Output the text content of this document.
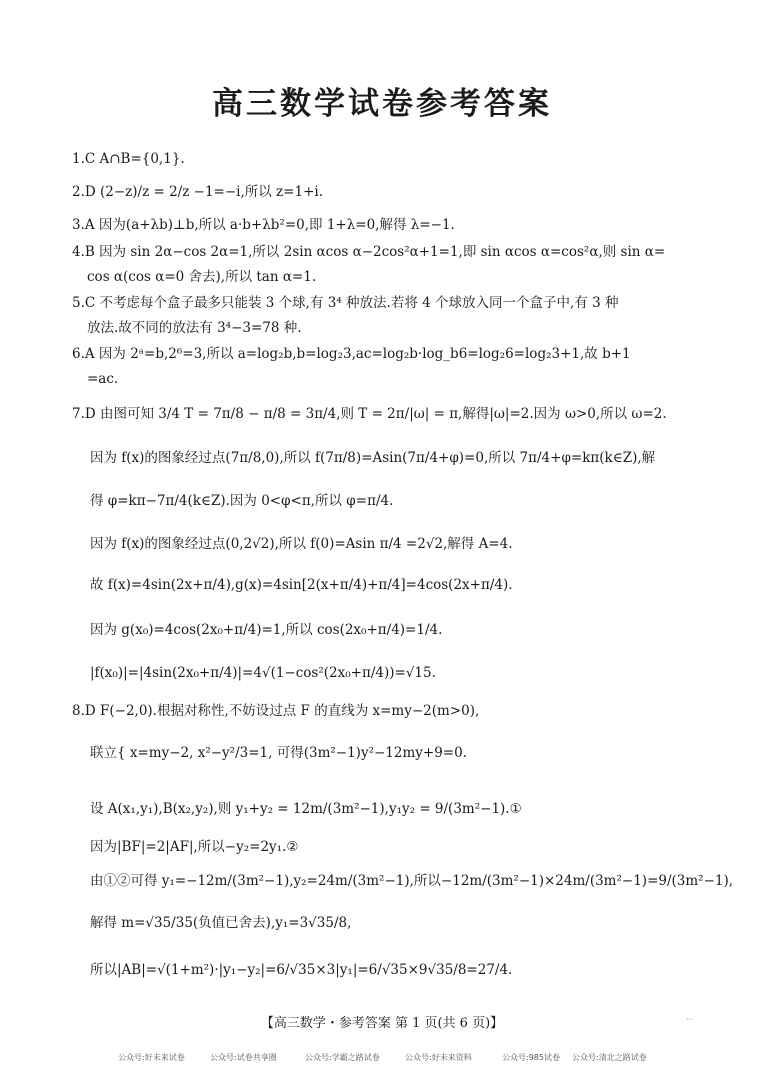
高三数学试卷参考答案
1.C A∩B={0,1}.
2.D (2−z)/z = 2/z −1=−i,所以 z=1+i.
3.A 因为(a+λb)⊥b,所以 a·b+λb²=0,即 1+λ=0,解得 λ=−1.
4.B 因为 sin 2α−cos 2α=1,所以 2sin αcos α−2cos²α+1=1,即 sin αcos α=cos²α,则 sin α=
cos α(cos α=0 舍去),所以 tan α=1.
5.C 不考虑每个盒子最多只能装 3 个球,有 3⁴ 种放法.若将 4 个球放入同一个盒子中,有 3 种
放法.故不同的放法有 3⁴−3=78 种.
6.A 因为 2ᵃ=b,2⁶=3,所以 a=log₂b,b=log₂3,ac=log₂b·log_b6=log₂6=log₂3+1,故 b+1
=ac.
7.D 由图可知 3/4 T = 7π/8 − π/8 = 3π/4,则 T = 2π/|ω| = π,解得|ω|=2.因为 ω>0,所以 ω=2.
因为 f(x)的图象经过点(7π/8,0),所以 f(7π/8)=Asin(7π/4+φ)=0,所以 7π/4+φ=kπ(k∈Z),解
得 φ=kπ−7π/4(k∈Z).因为 0<φ<π,所以 φ=π/4.
因为 f(x)的图象经过点(0,2√2),所以 f(0)=Asin π/4 =2√2,解得 A=4.
故 f(x)=4sin(2x+π/4),g(x)=4sin[2(x+π/4)+π/4]=4cos(2x+π/4).
因为 g(x₀)=4cos(2x₀+π/4)=1,所以 cos(2x₀+π/4)=1/4.
|f(x₀)|=|4sin(2x₀+π/4)|=4√(1−cos²(2x₀+π/4))=√15.
8.D F(−2,0).根据对称性,不妨设过点 F 的直线为 x=my−2(m>0),
联立{ x=my−2, x²−y²/3=1, 可得(3m²−1)y²−12my+9=0.
设 A(x₁,y₁),B(x₂,y₂),则 y₁+y₂ = 12m/(3m²−1),y₁y₂ = 9/(3m²−1).①
因为|BF|=2|AF|,所以−y₂=2y₁.②
由①②可得 y₁=−12m/(3m²−1),y₂=24m/(3m²−1),所以−12m/(3m²−1)×24m/(3m²−1)=9/(3m²−1),
解得 m=√35/35(负值已舍去),y₁=3√35/8,
所以|AB|=√(1+m²)·|y₁−y₂|=6/√35×3|y₁|=6/√35×9√35/8=27/4.
【高三数学・参考答案 第 1 页(共 6 页)】	···
公众号:好未来试卷	公众号:试卷共享圈	公众号:学霸之路试卷	公众号:好未来资料	公众号:985试卷 公众号:清北之路试卷
